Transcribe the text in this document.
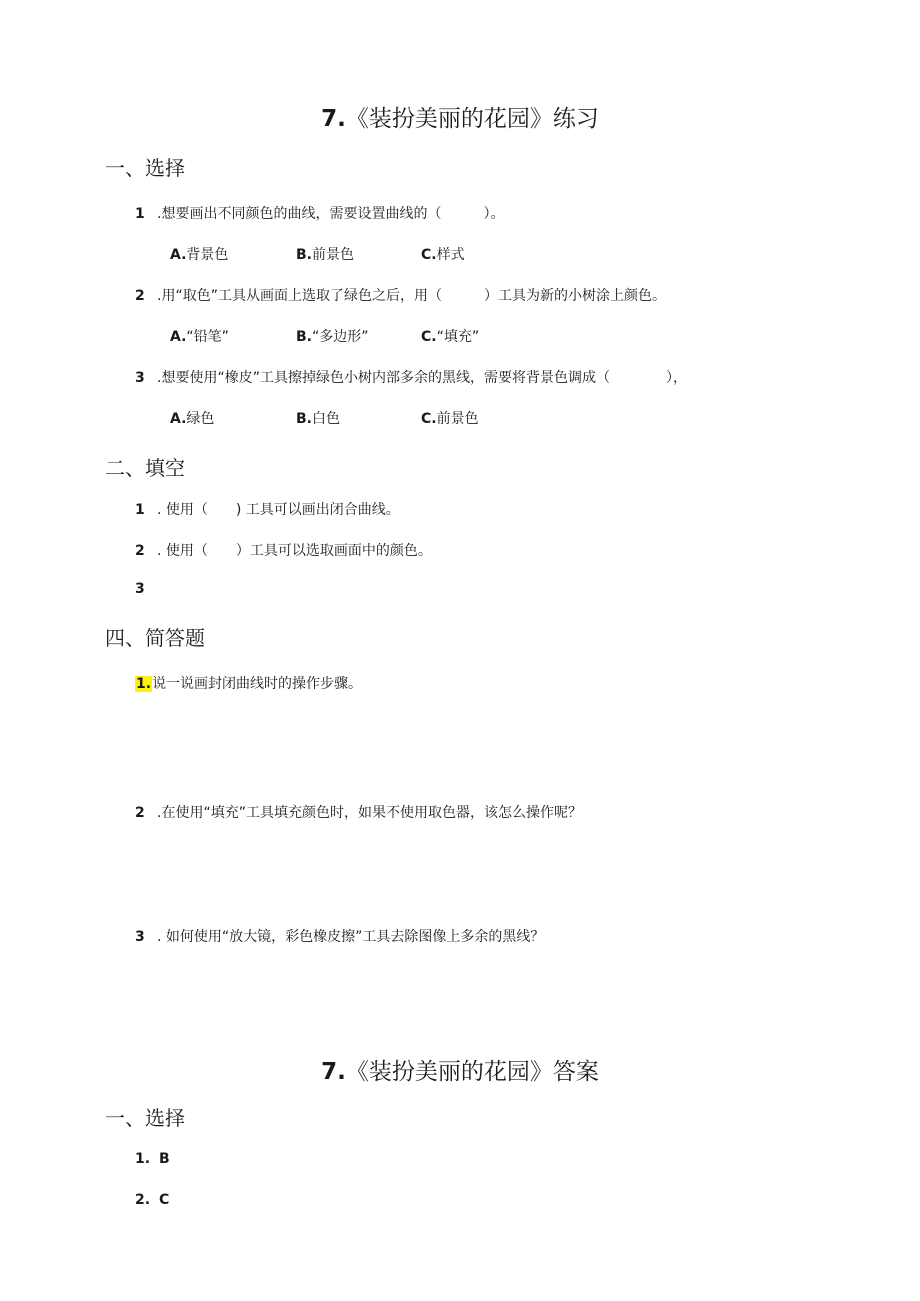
7.《装扮美丽的花园》练习
一、选择
1 .想要画出不同颜色的曲线，需要设置曲线的（　　　）。
A.背景色	B.前景色	C.样式
2 .用“取色”工具从画面上选取了绿色之后，用（　　　）工具为新的小树涂上颜色。
A.“铅笔”	B.“多边形”	C.“填充”
3 .想要使用“橡皮”工具擦掉绿色小树内部多余的黑线，需要将背景色调成（　　　　），
A.绿色	B.白色	C.前景色
二、填空
1 . 使用（　　) 工具可以画出闭合曲线。
2 . 使用（　　）工具可以选取画面中的颜色。
3
四、简答题
1.说一说画封闭曲线时的操作步骤。
2 .在使用“填充”工具填充颜色时，如果不使用取色器，该怎么操作呢？
3 . 如何使用“放大镜，彩色橡皮擦”工具去除图像上多余的黑线？
7.《装扮美丽的花园》答案
一、选择
1. B
2. C
